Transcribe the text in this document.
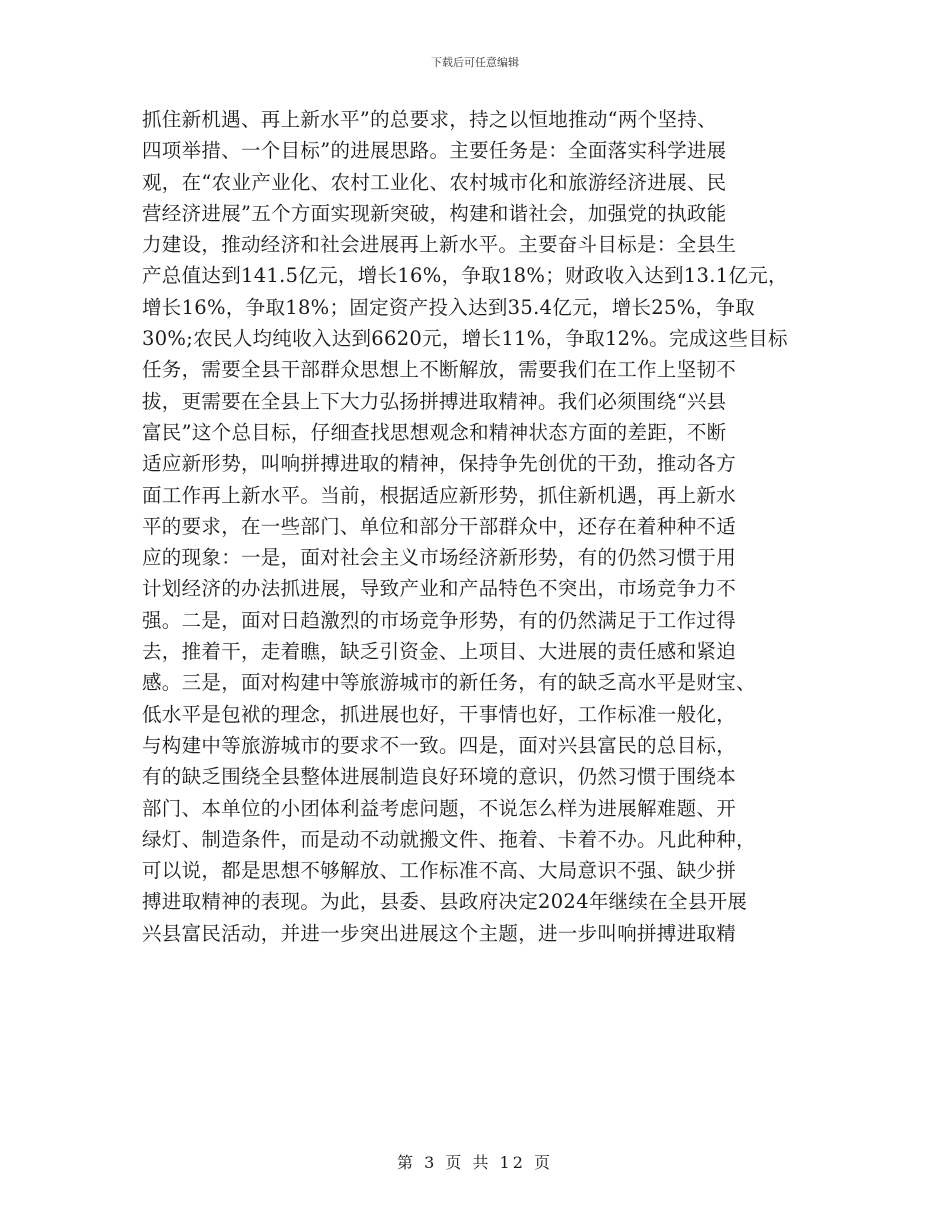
下载后可任意编辑
抓住新机遇、再上新水平”的总要求，持之以恒地推动“两个坚持、
四项举措、一个目标”的进展思路。主要任务是：全面落实科学进展
观，在“农业产业化、农村工业化、农村城市化和旅游经济进展、民
营经济进展”五个方面实现新突破，构建和谐社会，加强党的执政能
力建设，推动经济和社会进展再上新水平。主要奋斗目标是：全县生
产总值达到141.5亿元，增长16%，争取18%；财政收入达到13.1亿元，
增长16%，争取18%；固定资产投入达到35.4亿元，增长25%，争取
30%;农民人均纯收入达到6620元，增长11%，争取12%。完成这些目标
任务，需要全县干部群众思想上不断解放，需要我们在工作上坚韧不
拔，更需要在全县上下大力弘扬拼搏进取精神。我们必须围绕“兴县
富民”这个总目标，仔细查找思想观念和精神状态方面的差距，不断
适应新形势，叫响拼搏进取的精神，保持争先创优的干劲，推动各方
面工作再上新水平。当前，根据适应新形势，抓住新机遇，再上新水
平的要求，在一些部门、单位和部分干部群众中，还存在着种种不适
应的现象：一是，面对社会主义市场经济新形势，有的仍然习惯于用
计划经济的办法抓进展，导致产业和产品特色不突出，市场竞争力不
强。二是，面对日趋激烈的市场竞争形势，有的仍然满足于工作过得
去，推着干，走着瞧，缺乏引资金、上项目、大进展的责任感和紧迫
感。三是，面对构建中等旅游城市的新任务，有的缺乏高水平是财宝、
低水平是包袱的理念，抓进展也好，干事情也好，工作标准一般化，
与构建中等旅游城市的要求不一致。四是，面对兴县富民的总目标，
有的缺乏围绕全县整体进展制造良好环境的意识，仍然习惯于围绕本
部门、本单位的小团体利益考虑问题，不说怎么样为进展解难题、开
绿灯、制造条件，而是动不动就搬文件、拖着、卡着不办。凡此种种，
可以说，都是思想不够解放、工作标准不高、大局意识不强、缺少拼
搏进取精神的表现。为此，县委、县政府决定2024年继续在全县开展
兴县富民活动，并进一步突出进展这个主题，进一步叫响拼搏进取精
第 3 页 共 12 页
